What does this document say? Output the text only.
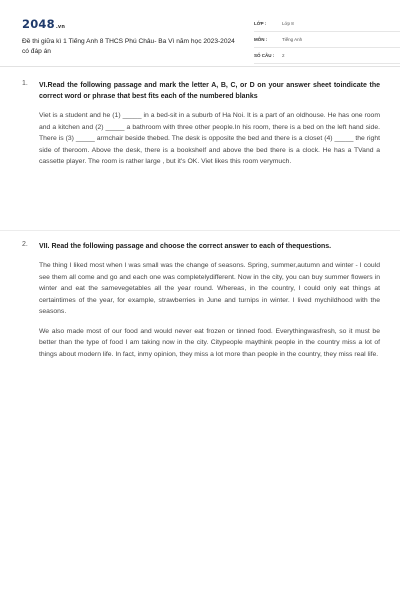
2048.vn
Đề thi giữa kì 1 Tiếng Anh 8 THCS Phú Châu- Ba Vì năm học 2023-2024 có đáp án
LỚP :	Lớp 8
MÔN :	Tiếng Anh
SỐ CÂU :	2
1. VI.Read the following passage and mark the letter A, B, C, or D on your answer sheet toindicate the correct word or phrase that best fits each of the numbered blanks

Viet is a student and he (1) _____ in a bed-sit in a suburb of Ha Noi. It is a part of an oldhouse. He has one room and a kitchen and (2) _____ a bathroom with three other people.In his room, there is a bed on the left hand side. There is (3) _____ armchair beside thebed. The desk is opposite the bed and there is a closet (4) _____ the right side of theroom. Above the desk, there is a bookshelf and above the bed there is a clock. He has a TVand a cassette player. The room is rather large , but it's OK. Viet likes this room verymuch.

2. VII. Read the following passage and choose the correct answer to each of thequestions.

The thing I liked most when I was small was the change of seasons. Spring, summer,autumn and winter - I could see them all come and go and each one was completelydifferent. Now in the city, you can buy summer flowers in winter and eat the samevegetables all the year round. Whereas, in the country, I could only eat things at certaintimes of the year, for example, strawberries in June and turnips in winter. I lived mychildhood with the seasons.

We also made most of our food and would never eat frozen or tinned food. Everythingwasfresh, so it must be better than the type of food I am taking now in the city. Citypeople maythink people in the country miss a lot of things about modern life. In fact, inmy opinion, they miss a lot more than people in the country, they miss real life.
